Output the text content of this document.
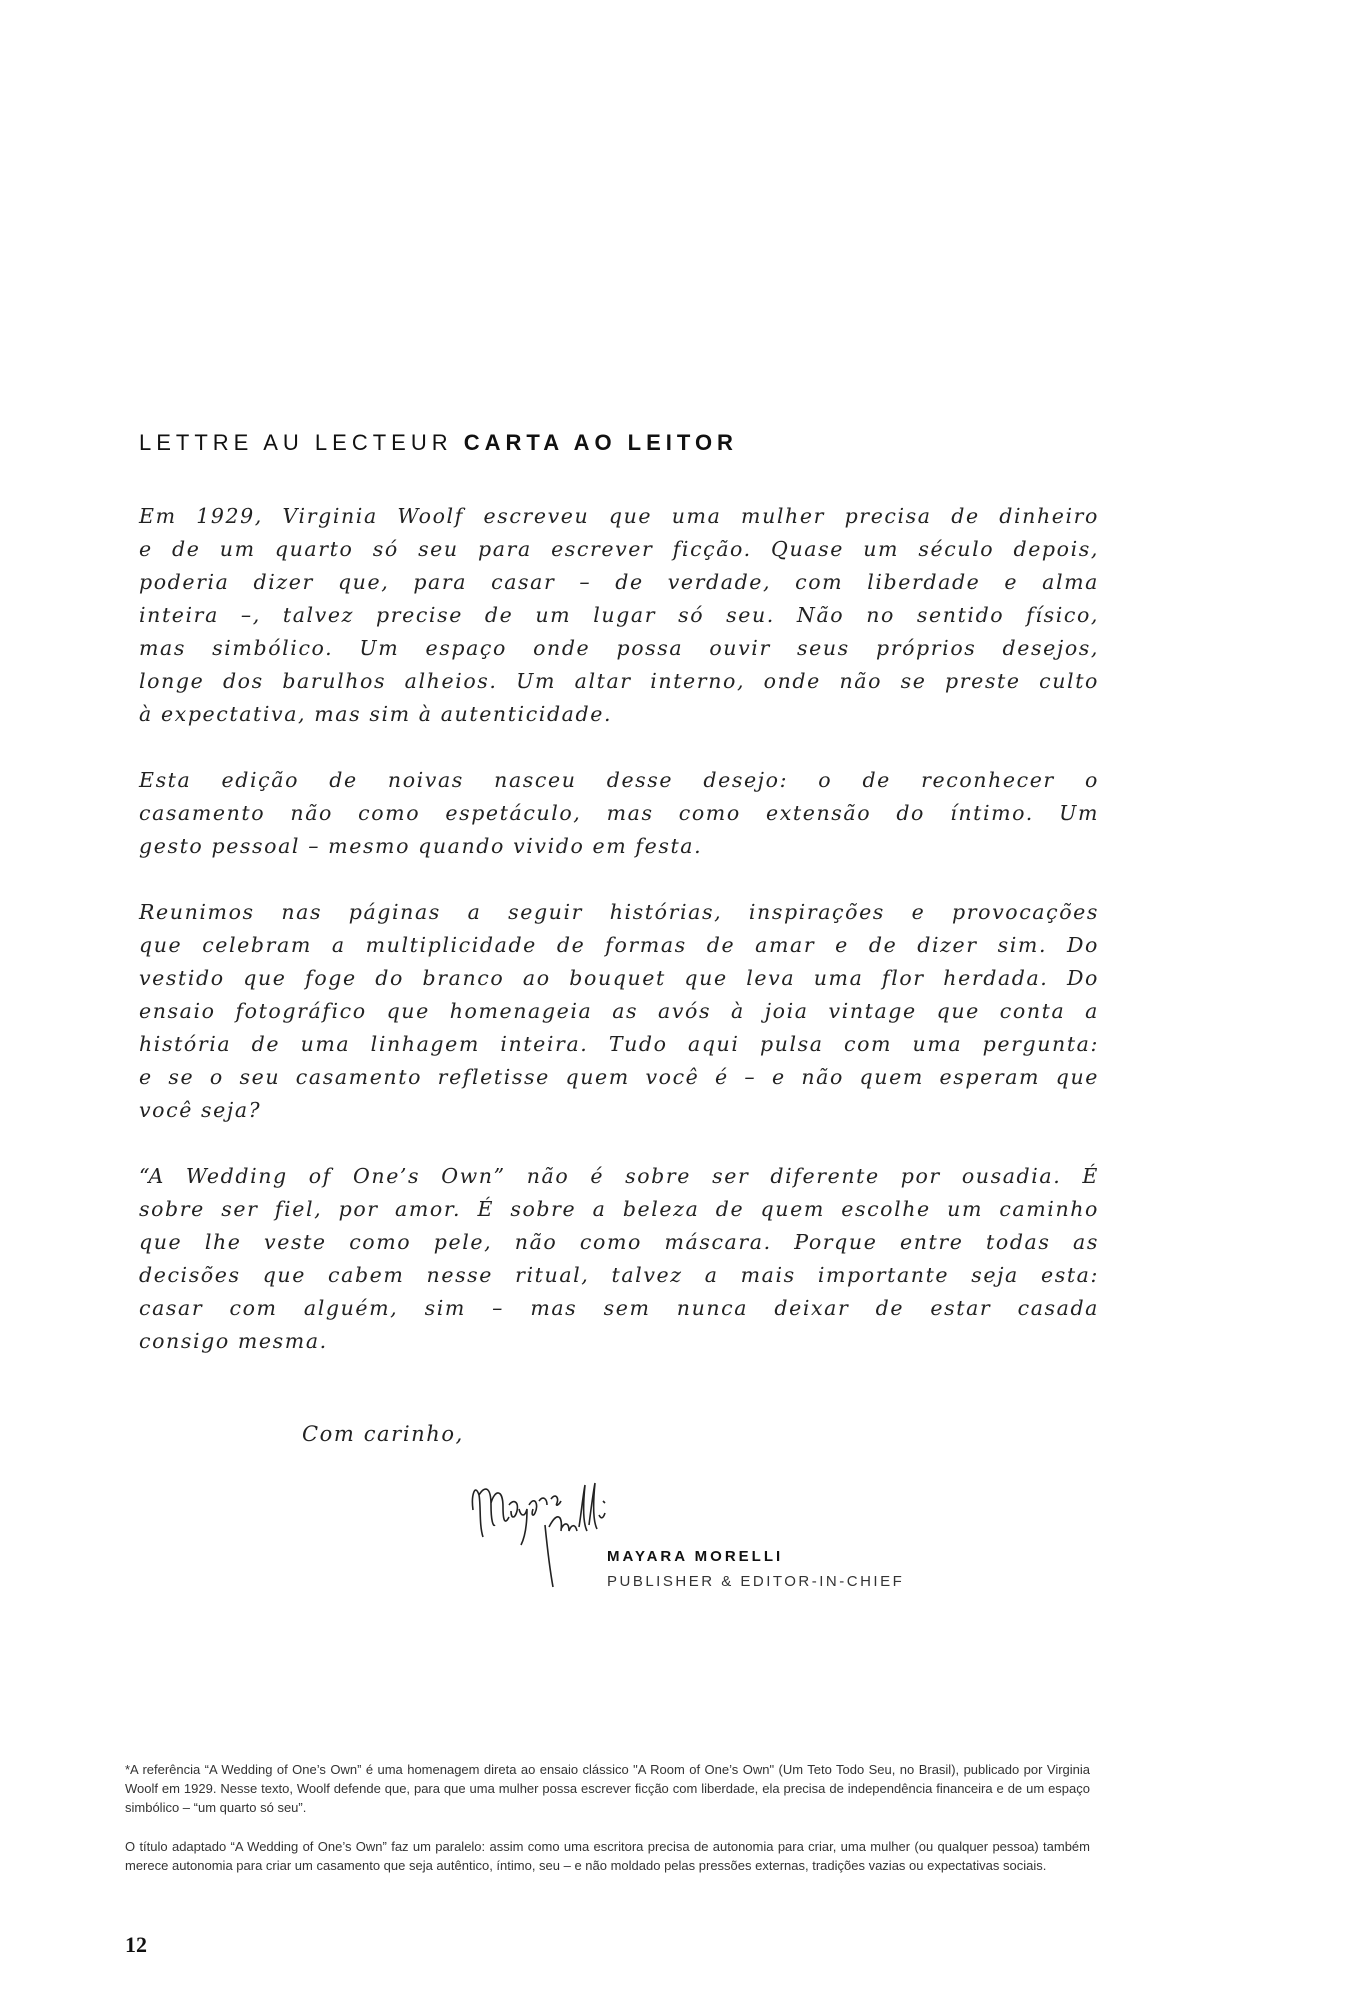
LETTRE AU LECTEUR CARTA AO LEITOR
Em 1929, Virginia Woolf escreveu que uma mulher precisa de dinheiro
e de um quarto só seu para escrever ficção. Quase um século depois,
poderia dizer que, para casar – de verdade, com liberdade e alma
inteira –, talvez precise de um lugar só seu. Não no sentido físico,
mas simbólico. Um espaço onde possa ouvir seus próprios desejos,
longe dos barulhos alheios. Um altar interno, onde não se preste culto
à expectativa, mas sim à autenticidade.
Esta edição de noivas nasceu desse desejo: o de reconhecer o
casamento não como espetáculo, mas como extensão do íntimo. Um
gesto pessoal – mesmo quando vivido em festa.
Reunimos nas páginas a seguir histórias, inspirações e provocações
que celebram a multiplicidade de formas de amar e de dizer sim. Do
vestido que foge do branco ao bouquet que leva uma flor herdada. Do
ensaio fotográfico que homenageia as avós à joia vintage que conta a
história de uma linhagem inteira. Tudo aqui pulsa com uma pergunta:
e se o seu casamento refletisse quem você é – e não quem esperam que
você seja?
“A Wedding of One’s Own” não é sobre ser diferente por ousadia. É
sobre ser fiel, por amor. É sobre a beleza de quem escolhe um caminho
que lhe veste como pele, não como máscara. Porque entre todas as
decisões que cabem nesse ritual, talvez a mais importante seja esta:
casar com alguém, sim – mas sem nunca deixar de estar casada
consigo mesma.
Com carinho,
MAYARA MORELLI
PUBLISHER & EDITOR-IN-CHIEF

*A referência “A Wedding of One’s Own” é uma homenagem direta ao ensaio clássico "A Room of One’s Own" (Um Teto Todo Seu, no Brasil), publicado por Virginia Woolf em 1929. Nesse texto, Woolf defende que, para que uma mulher possa escrever ficção com liberdade, ela precisa de independência financeira e de um espaço simbólico – “um quarto só seu”.

O título adaptado “A Wedding of One’s Own” faz um paralelo: assim como uma escritora precisa de autonomia para criar, uma mulher (ou qualquer pessoa) também merece autonomia para criar um casamento que seja autêntico, íntimo, seu – e não moldado pelas pressões externas, tradições vazias ou expectativas sociais.

12
